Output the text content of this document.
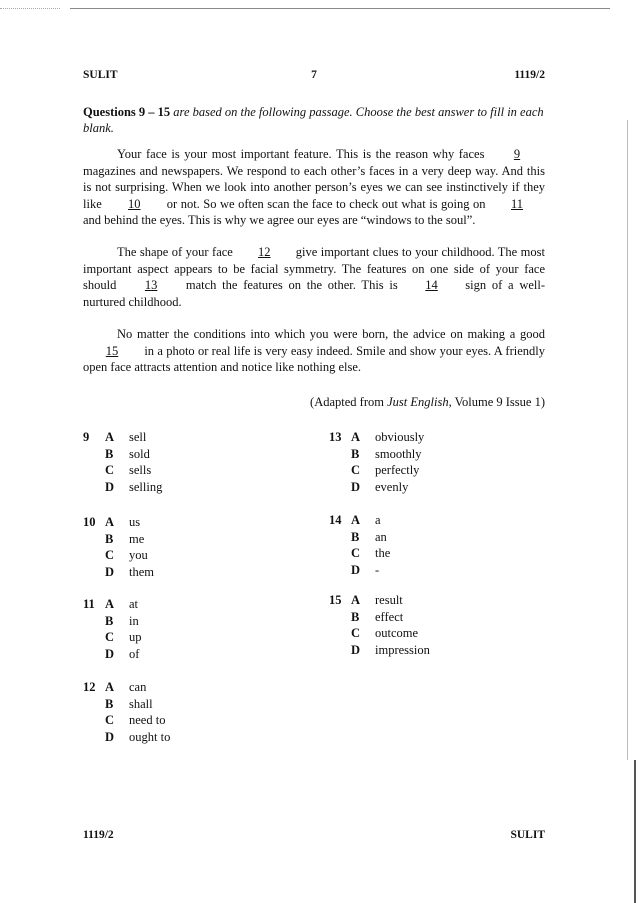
SULIT	7	1119/2
Questions 9 – 15 are based on the following passage. Choose the best answer to fill in each
blank.
Your face is your most important feature. This is the reason why faces 9 magazines and newspapers. We respond to each other’s faces in a very deep way. And this is not surprising. When we look into another person’s eyes we can see instinctively if they like 10 or not. So we often scan the face to check out what is going on 11 and behind the eyes. This is why we agree our eyes are “windows to the soul”.
The shape of your face 12 give important clues to your childhood. The most important aspect appears to be facial symmetry. The features on one side of your face should 13 match the features on the other. This is 14 sign of a well-nurtured childhood.
No matter the conditions into which you were born, the advice on making a good 15 in a photo or real life is very easy indeed. Smile and show your eyes. A friendly open face attracts attention and notice like nothing else.
(Adapted from Just English, Volume 9 Issue 1)
9 A sell
B sold
C sells
D selling
10 A us
B me
C you
D them
11 A at
B in
C up
D of
12 A can
B shall
C need to
D ought to
13 A obviously
B smoothly
C perfectly
D evenly
14 A a
B an
C the
D -
15 A result
B effect
C outcome
D impression
1119/2	SULIT
